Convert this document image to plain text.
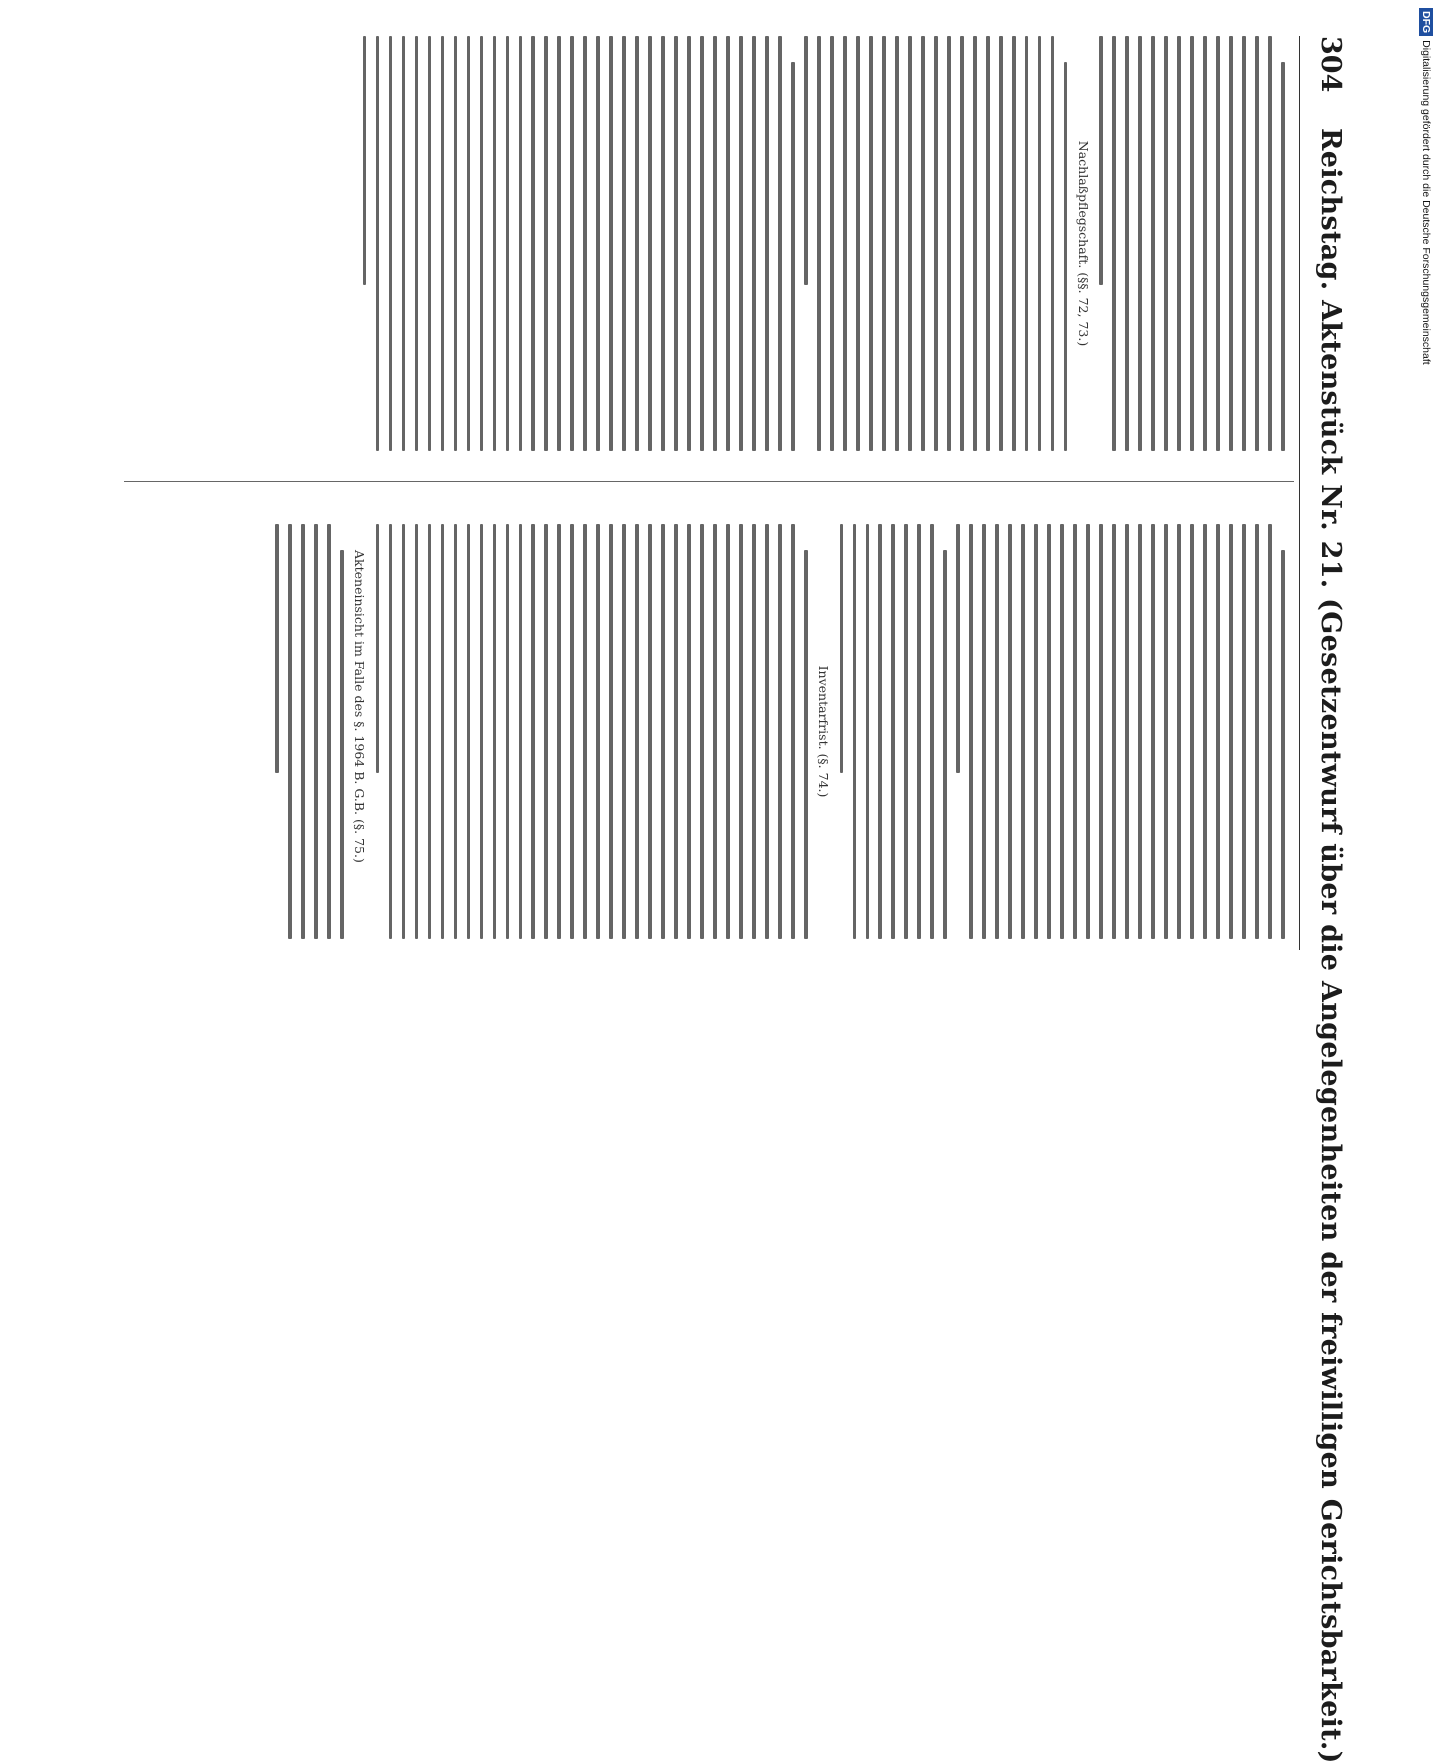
304
Reichstag. Aktenstück Nr. 21. (Gesetzentwurf über die Angelegenheiten der freiwilligen Gerichtsbarkeit.)
Nachlaßpflegschaft. (§§. 72, 73.)
Inventarfrist. (§. 74.)
Akteneinsicht im Falle des §. 1964 B. G.B. (§. 75.)
DFGDigitalisierung gefördert durch die Deutsche Forschungsgemeinschaft
